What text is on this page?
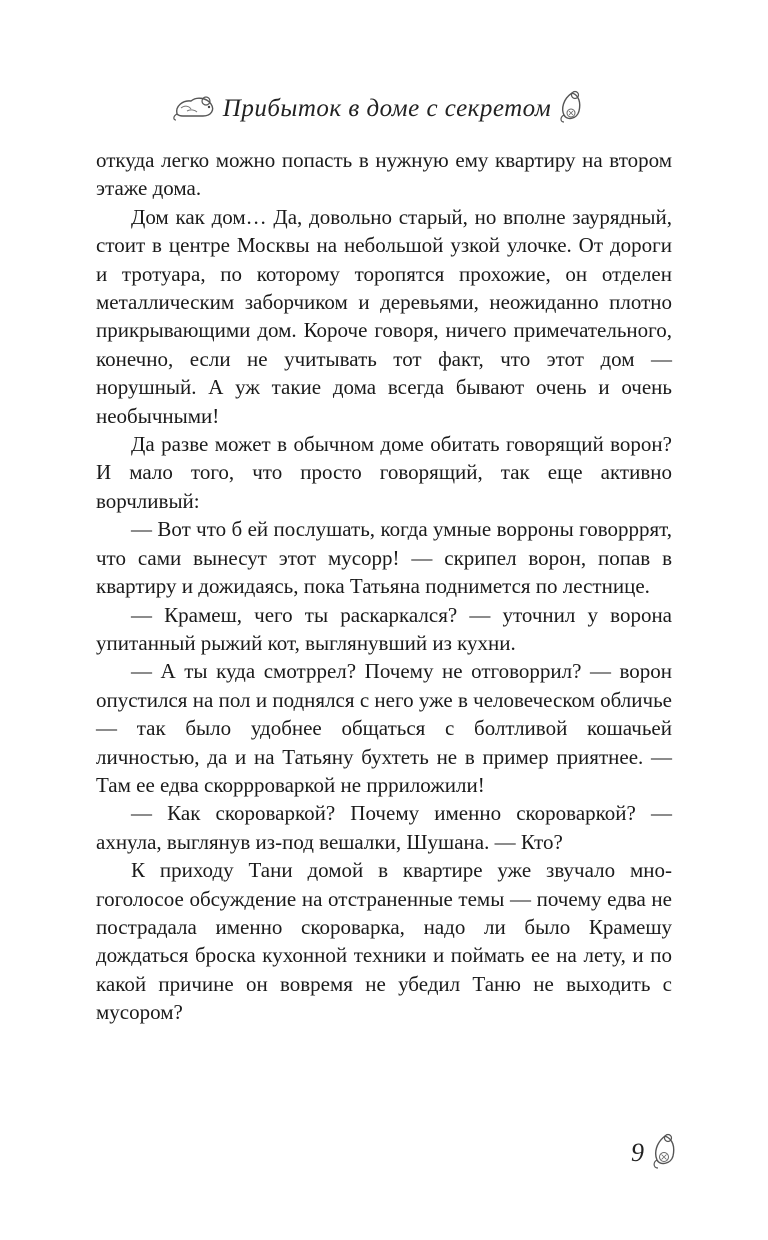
Прибыток в доме с секретом

откуда легко можно попасть в нужную ему квартиру на втором этаже дома.

Дом как дом… Да, довольно старый, но вполне заурядный, стоит в центре Москвы на небольшой узкой улочке. От дороги и тротуара, по которому торопятся прохожие, он отделен металлическим заборчиком и деревьями, неожиданно плотно прикрывающими дом. Короче говоря, ничего примечательного, конечно, если не учитывать тот факт, что этот дом — норушный. А уж такие дома всегда бывают очень и очень необычными!

Да разве может в обычном доме обитать говорящий ворон? И мало того, что просто говорящий, так еще активно ворчливый:

— Вот что б ей послушать, когда умные ворроны говорррят, что сами вынесут этот мусорр! — скрипел ворон, попав в квартиру и дожидаясь, пока Татьяна поднимется по лестнице.

— Крамеш, чего ты раскаркался? — уточнил у ворона упитанный рыжий кот, выглянувший из кухни.

— А ты куда смотррел? Почему не отговоррил? — ворон опустился на пол и поднялся с него уже в человеческом обличье — так было удобнее общаться с болтливой кошачьей личностью, да и на Татьяну бухтеть не в пример приятнее. — Там ее едва скоррроваркой не прриложили!

— Как скороваркой? Почему именно скороваркой? — ахнула, выглянув из-под вешалки, Шушана. — Кто?

К приходу Тани домой в квартире уже звучало многоголосое обсуждение на отстраненные темы — почему едва не пострадала именно скороварка, надо ли было Крамешу дождаться броска кухонной техники и поймать ее на лету, и по какой причине он вовремя не убедил Таню не выходить с мусором?

9
